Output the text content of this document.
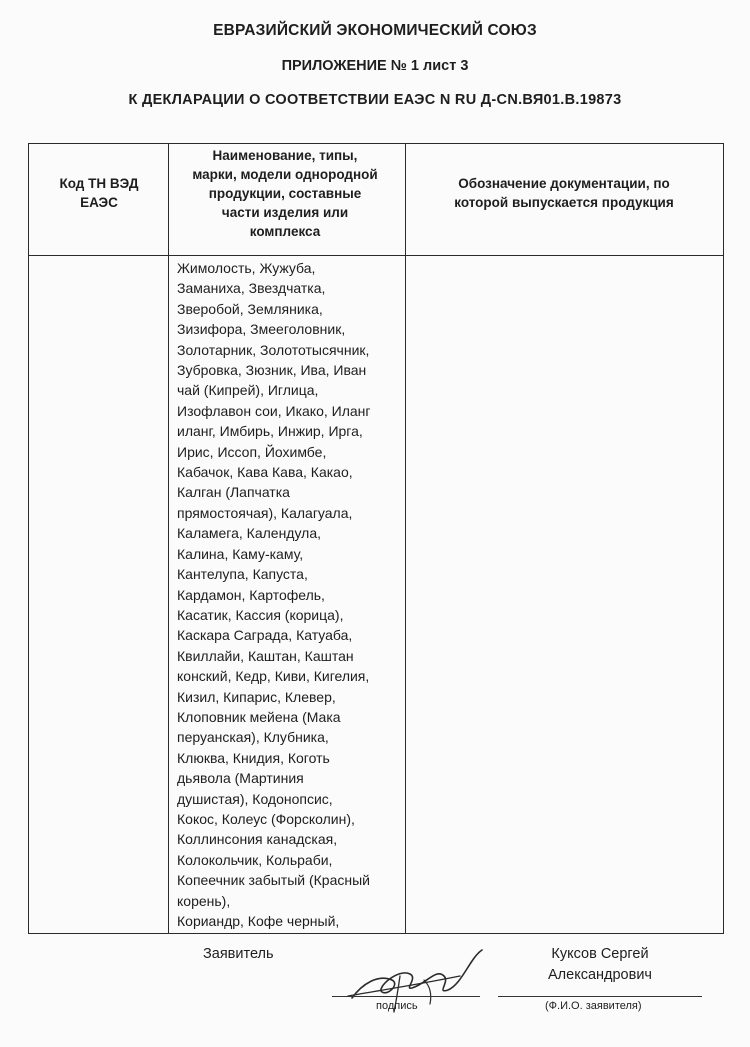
ЕВРАЗИЙСКИЙ ЭКОНОМИЧЕСКИЙ СОЮЗ
ПРИЛОЖЕНИЕ № 1 лист 3
К ДЕКЛАРАЦИИ О СООТВЕТСТВИИ ЕАЭС N RU Д-CN.ВЯ01.В.19873
Код ТН ВЭД
ЕАЭС
Наименование, типы,
марки, модели однородной
продукции, составные
части изделия или
комплекса
Обозначение документации, по
которой выпускается продукция
Жимолость, Жужуба,
Заманиха, Звездчатка,
Зверобой, Земляника,
Зизифора, Змееголовник,
Золотарник, Золототысячник,
Зубровка, Зюзник, Ива, Иван
чай (Кипрей), Иглица,
Изофлавон сои, Икако, Иланг
иланг, Имбирь, Инжир, Ирга,
Ирис, Иссоп, Йохимбе,
Кабачок, Кава Кава, Какао,
Калган (Лапчатка
прямостоячая), Калагуала,
Каламега, Календула,
Калина, Каму-каму,
Кантелупа, Капуста,
Кардамон, Картофель,
Касатик, Кассия (корица),
Каскара Саграда, Катуаба,
Квиллайи, Каштан, Каштан
конский, Кедр, Киви, Кигелия,
Кизил, Кипарис, Клевер,
Клоповник мейена (Мака
перуанская), Клубника,
Клюква, Книдия, Коготь
дьявола (Мартиния
душистая), Кодонопсис,
Кокос, Колеус (Форсколин),
Коллинсония канадская,
Колокольчик, Кольраби,
Копеечник забытый (Красный
корень),
Кориандр, Кофе черный,
Заявитель	Куксов Сергей
Александрович
подпись	(Ф.И.О. заявителя)
